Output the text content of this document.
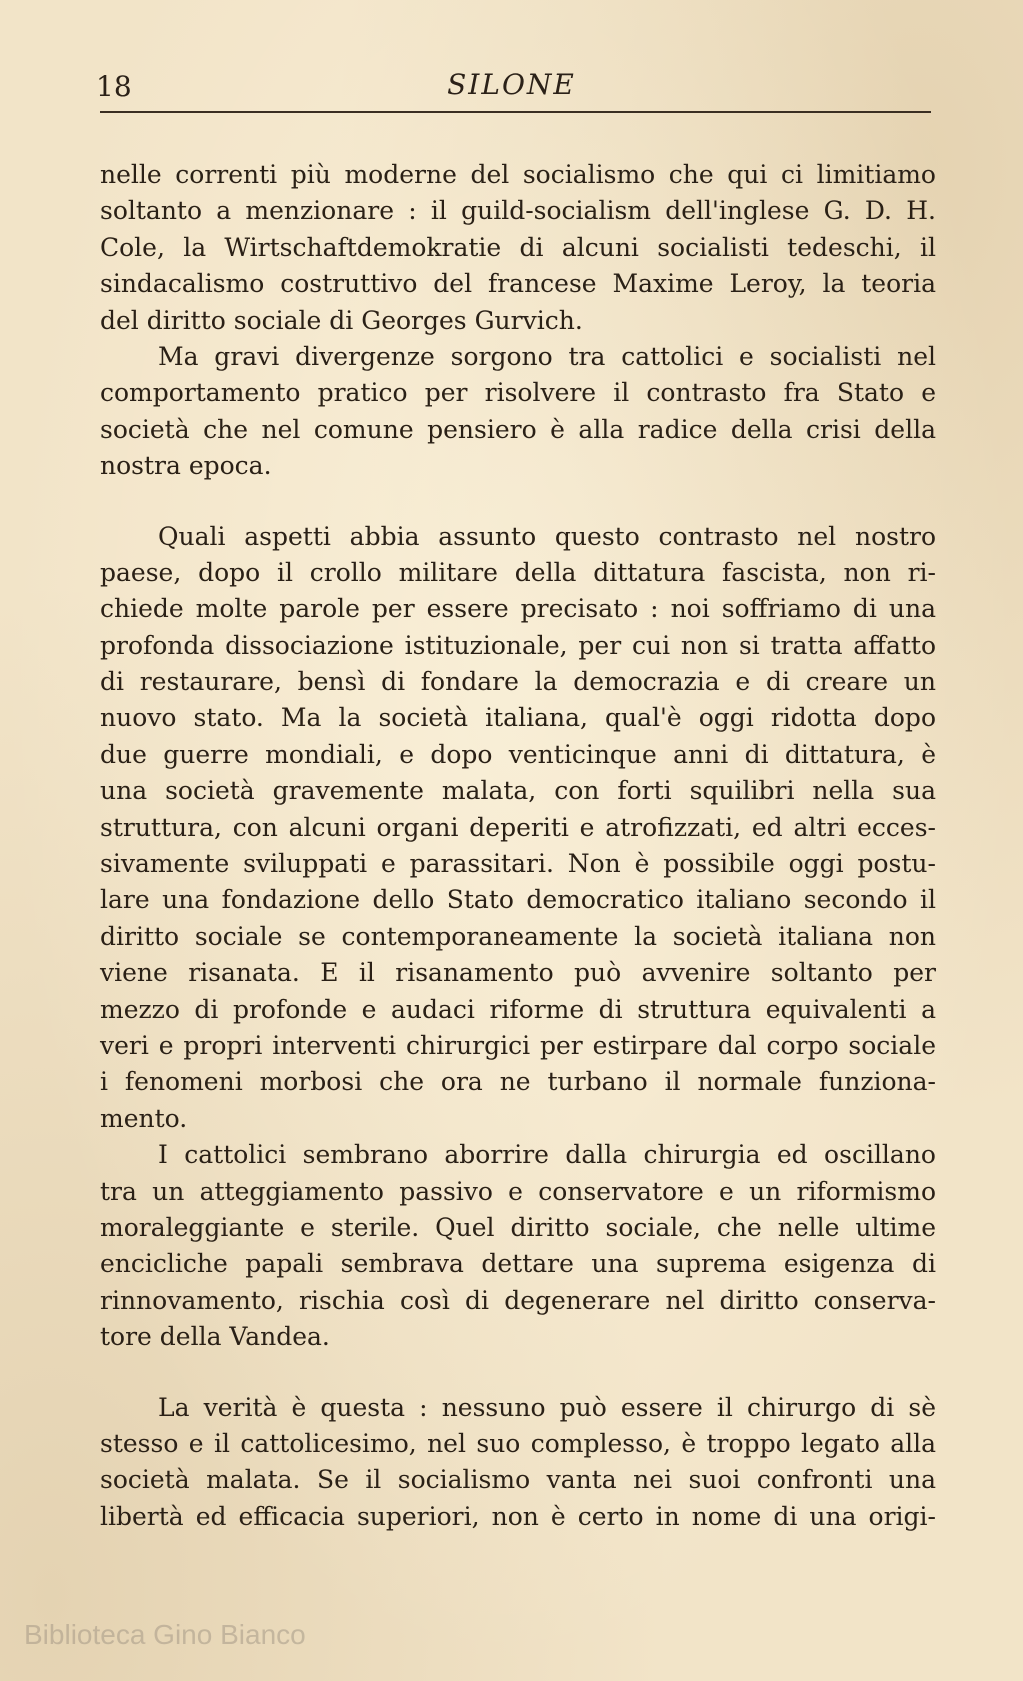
18	SILONE
nelle correnti più moderne del socialismo che qui ci limitiamo
soltanto a menzionare : il guild-socialism dell'inglese G. D. H.
Cole, la Wirtschaftdemokratie di alcuni socialisti tedeschi, il
sindacalismo costruttivo del francese Maxime Leroy, la teoria
del diritto sociale di Georges Gurvich.
Ma gravi divergenze sorgono tra cattolici e socialisti nel
comportamento pratico per risolvere il contrasto fra Stato e
società che nel comune pensiero è alla radice della crisi della
nostra epoca.
Quali aspetti abbia assunto questo contrasto nel nostro
paese, dopo il crollo militare della dittatura fascista, non ri-
chiede molte parole per essere precisato : noi soffriamo di una
profonda dissociazione istituzionale, per cui non si tratta affatto
di restaurare, bensì di fondare la democrazia e di creare un
nuovo stato. Ma la società italiana, qual'è oggi ridotta dopo
due guerre mondiali, e dopo venticinque anni di dittatura, è
una società gravemente malata, con forti squilibri nella sua
struttura, con alcuni organi deperiti e atrofizzati, ed altri ecces-
sivamente sviluppati e parassitari. Non è possibile oggi postu-
lare una fondazione dello Stato democratico italiano secondo il
diritto sociale se contemporaneamente la società italiana non
viene risanata. E il risanamento può avvenire soltanto per
mezzo di profonde e audaci riforme di struttura equivalenti a
veri e propri interventi chirurgici per estirpare dal corpo sociale
i fenomeni morbosi che ora ne turbano il normale funziona-
mento.
I cattolici sembrano aborrire dalla chirurgia ed oscillano
tra un atteggiamento passivo e conservatore e un riformismo
moraleggiante e sterile. Quel diritto sociale, che nelle ultime
encicliche papali sembrava dettare una suprema esigenza di
rinnovamento, rischia così di degenerare nel diritto conserva-
tore della Vandea.
La verità è questa : nessuno può essere il chirurgo di sè
stesso e il cattolicesimo, nel suo complesso, è troppo legato alla
società malata. Se il socialismo vanta nei suoi confronti una
libertà ed efficacia superiori, non è certo in nome di una origi-
Biblioteca Gino Bianco
